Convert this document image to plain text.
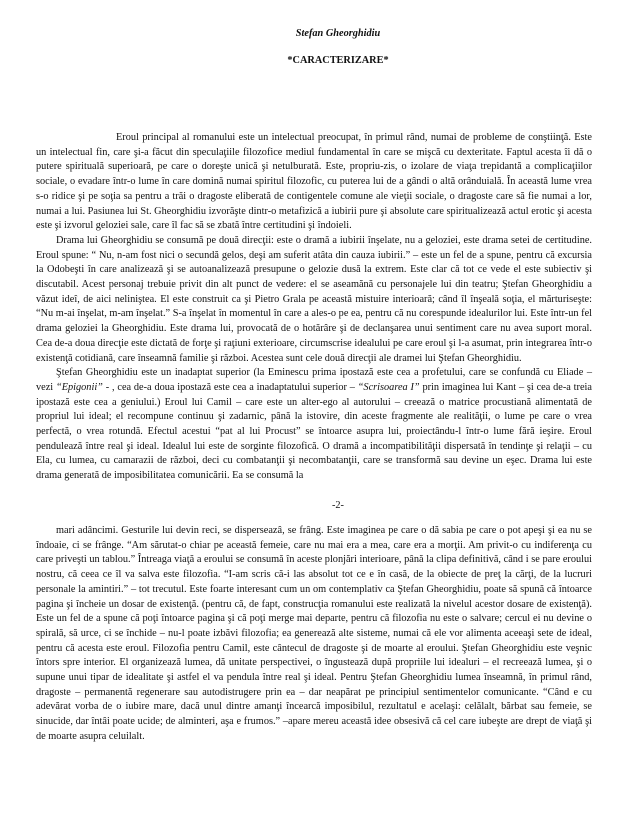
Stefan Gheorghidiu
*CARACTERIZARE*

Eroul principal al romanului este un intelectual preocupat, în primul rând, numai de probleme de conştiinţă. Este un intelectual fin, care şi-a făcut din speculaţiile filozofice mediul fundamental în care se mişcă cu dexteritate. Faptul acesta îi dă o putere spirituală superioară, pe care o doreşte unică şi netulburată. Este, propriu-zis, o izolare de viaţa trepidantă a complicaţiilor sociale, o evadare într-o lume în care domină numai spiritul filozofic, cu puterea lui de a gândi o altă orânduială. În această lume vrea s-o ridice şi pe soţia sa pentru a trăi o dragoste eliberată de contigentele comune ale vieţii sociale, o dragoste care să fie numai a lor, numai a lui. Pasiunea lui St. Gheorghidiu izvorăşte dintr-o metafizică a iubirii pure şi absolute care spiritualizează actul erotic şi acesta este şi izvorul geloziei sale, care îl fac să se zbată între certitudini şi îndoieli.

Drama lui Gheorghidiu se consumă pe două direcţii: este o dramă a iubirii înşelate, nu a geloziei, este drama setei de certitudine. Eroul spune: “ Nu, n-am fost nici o secundă gelos, deşi am suferit atâta din cauza iubirii.” – este un fel de a spune, pentru că excursia la Odobeşti în care analizează şi se autoanalizează presupune o gelozie dusă la extrem. Este clar că tot ce vede el este subiectiv şi discutabil. Acest personaj trebuie privit din alt punct de vedere: el se aseamănă cu personajele lui din teatru; Ştefan Gheorghidiu a văzut ideî, de aici neliniştea. El este construit ca şi Pietro Grala pe această mistuire interioară; când îl înşeală soţia, el mărturiseşte: “Nu m-ai înşelat, m-am înşelat.” S-a înşelat în momentul în care a ales-o pe ea, pentru că nu corespunde idealurilor lui. Este într-un fel drama geloziei la Gheorghidiu. Este drama lui, provocată de o hotărâre şi de declanşarea unui sentiment care nu avea suport moral. Cea de-a doua direcţie este dictată de forţe şi raţiuni exterioare, circumscrise idealului pe care eroul şi l-a asumat, prin integrarea într-o existenţă cotidiană, care înseamnă familie şi război. Acestea sunt cele două direcţii ale dramei lui Ştefan Gheorghidiu.

Ştefan Gheorghidiu este un inadaptat superior (la Eminescu prima ipostază este cea a profetului, care se confundă cu Eliade – vezi “Epigonii” - , cea de-a doua ipostază este cea a inadaptatului superior – “Scrisoarea I” prin imaginea lui Kant – şi cea de-a treia ipostază este cea a geniului.) Eroul lui Camil – care este un alter-ego al autorului – creează o matrice procustiană alimentată de propriul lui ideal; el recompune continuu şi zadarnic, până la istovire, din aceste fragmente ale realităţii, o lume pe care o vrea perfectă, o vrea rotundă. Efectul acestui “pat al lui Procust” se întoarce asupra lui, proiectându-l într-o lume fără ieşire. Eroul pendulează între real şi ideal. Idealul lui este de sorginte filozofică. O dramă a incompatibilităţii dispersată în tendinţe şi relaţii – cu Ela, cu lumea, cu camarazii de război, deci cu combatanţii şi necombatanţii, care se transformă sau devine un eşec. Drama lui este drama generată de imposibilitatea comunicării. Ea se consumă la

-2-

mari adâncimi. Gesturile lui devin reci, se disperseazâ, se frâng. Este imaginea pe care o dă sabia pe care o pot apeşi şi ea nu se îndoaie, ci se frânge. “Am sărutat-o chiar pe această femeie, care nu mai era a mea, care era a morţii. Am privit-o cu indiferenţa cu care priveşti un tablou.” Întreaga viaţă a eroului se consumă în aceste plonjări interioare, până la clipa definitivă, când i se pare eroului nostru, că ceea ce îl va salva este filozofia. “I-am scris că-i las absolut tot ce e în casă, de la obiecte de preţ la cărţi, de la lucruri personale la amintiri.” – tot trecutul. Este foarte interesant cum un om contemplativ ca Ştefan Gheorghidiu, poate să spună că întoarce pagina şi încheie un dosar de existenţă. (pentru că, de fapt, construcţia romanului este realizată la nivelul acestor dosare de existenţă). Este un fel de a spune că poţi întoarce pagina şi că poţi merge mai departe, pentru că filozofia nu este o salvare; cercul ei nu devine o spirală, să urce, ci se închide – nu-l poate izbăvi filozofia; ea generează alte sisteme, numai că ele vor alimenta aceeaşi sete de ideal, pentru că acesta este eroul. Filozofia pentru Camil, este cântecul de dragoste şi de moarte al eroului. Ştefan Gheorghidiu este veşnic întors spre interior. El organizează lumea, dă unitate perspectivei, o îngustează după propriile lui idealuri – el recreează lumea, şi o supune unui tipar de idealitate şi astfel el va pendula între real şi ideal. Pentru Ştefan Gheorghidiu lumea înseamnă, în primul rând, dragoste – permanentă regenerare sau autodistrugere prin ea – dar neapărat pe principiul sentimentelor comunicante. “Când e cu adevărat vorba de o iubire mare, dacă unul dintre amanţi încearcă imposibilul, rezultatul e acelaşi: celălalt, bărbat sau femeie, se sinucide, dar întâi poate ucide; de alminteri, aşa e frumos.” –apare mereu această idee obsesivă că cel care iubeşte are drept de viaţă şi de moarte asupra celuilalt.
